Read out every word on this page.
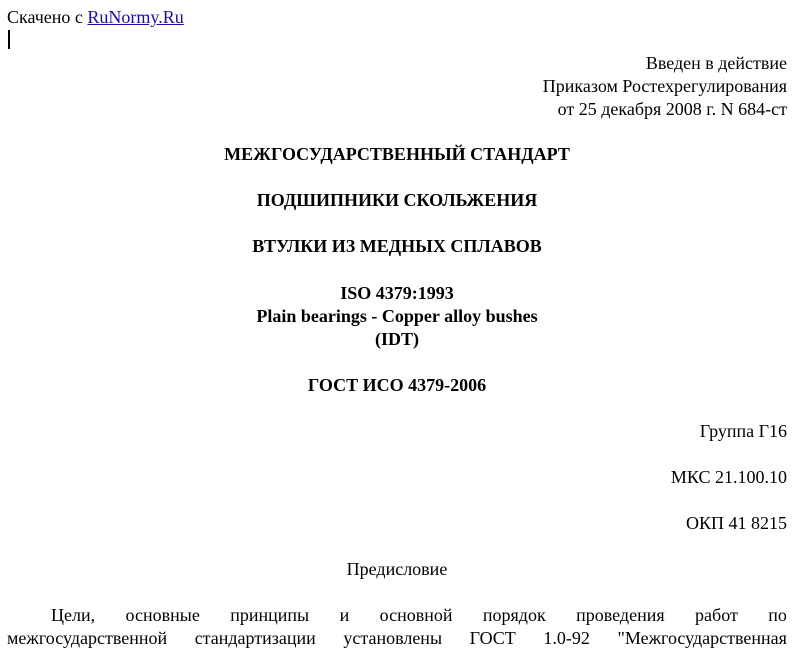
Скачено с RuNormy.Ru
Введен в действие
Приказом Ростехрегулирования
от 25 декабря 2008 г. N 684-ст
МЕЖГОСУДАРСТВЕННЫЙ СТАНДАРТ
ПОДШИПНИКИ СКОЛЬЖЕНИЯ
ВТУЛКИ ИЗ МЕДНЫХ СПЛАВОВ
ISO 4379:1993
Plain bearings - Copper alloy bushes
(IDT)
ГОСТ ИСО 4379-2006
Группа Г16
МКС 21.100.10
ОКП 41 8215
Предисловие
Цели, основные принципы и основной порядок проведения работ по
межгосударственной стандартизации установлены ГОСТ 1.0-92 "Межгосударственная
